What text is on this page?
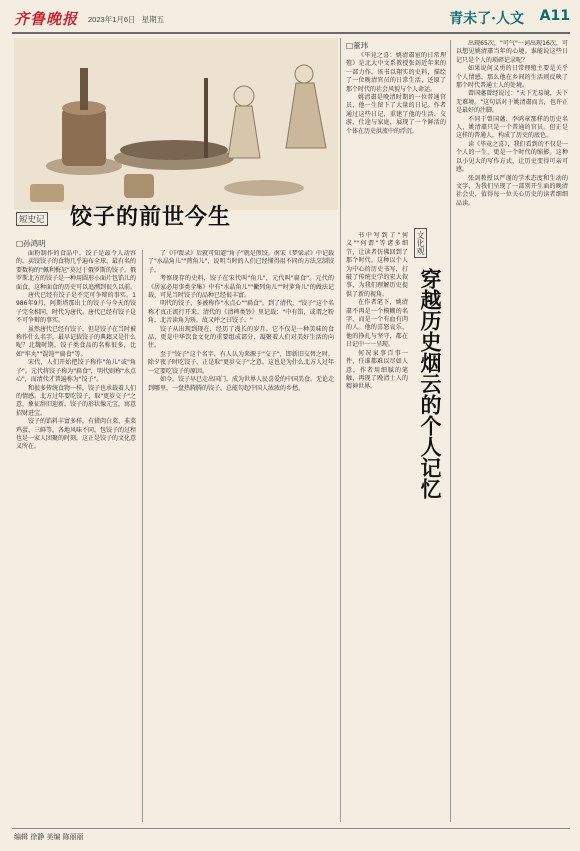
齐鲁晚报 2023年1月6日 星期五	青未了·人文 A11
短史记 饺子的前世今生
□孙鸿明

面粉制作的食品中，饺子是最令人动容的。卖饺饺子的食物几乎遍布全球，最有名的要数狗的"佩利梅尼"莫过于俄罗斯的饺子。俄罗斯北方的饺子是一种用圆形小面片包馅儿的面食，这种面食的历史可以追溯到很久以前。

唐代已经有饺子是不完可争辩的事实。1986年9月，阿斯塔那出土的饺子与今天的饺子完全相同，时代为唐代。唐代已经有饺子是不可争辩的事实。

虽然唐代已经有饺子，但是饺子在当时被称作什么名字，最早记载饺子的典籍又是什么呢？北魏时期，饺子类食品的名称很多，比如"牢丸""馄饨""扁食"等。

宋代，人们开始把饺子称作"角儿"或"角子"。元代将饺子称为"扁食"，明代则称"水点心"，而清代才普遍称为"饺子"。

和很多传统食物一样，饺子也承载着人们的情感。北方过年要吃饺子，取"更岁交子"之意，象征辞旧迎新。饺子的形状像元宝，寓意招财进宝。

饺子的馅料丰富多样，有猪肉白菜、韭菜鸡蛋、三鲜等，各地风味不同。包饺子的过程也是一家人团聚的时刻，这正是饺子的文化意义所在。

了《中馈录》后就可知道"角子"就是煎饺。南宋《梦粱录》中记载了"水晶角儿""煎角儿"，说明当时的人们已经懂得用不同的方法烹制饺子。

考察现存的史料，饺子在宋代叫"角儿"，元代叫"扁食"。元代的《居家必用事类全集》中有"水晶角儿""撇列角儿""时萝角儿"的做法记载，可见当时饺子的品种已经很丰富。

明代的饺子，多被称作"水点心""扁食"。到了清代，"饺子"这个名称才真正流行开来。清代的《清稗类钞》里记载："中有馅，或谓之粉角，北音读角为矫，故又呼之曰饺子。"

饺子从出现到现在，经历了漫长的岁月。它不仅是一种美味的食品，更是中华饮食文化的重要组成部分，凝聚着人们对美好生活的向往。

至于"饺子"这个名字，有人认为来源于"交子"，即新旧交替之时。除夕夜子时吃饺子，正是取"更岁交子"之意。这也是为什么北方人过年一定要吃饺子的原因。

如今，饺子早已走出国门，成为世界人民喜爱的中国美食。无论走到哪里，一盘热腾腾的饺子，总能勾起中国人浓浓的乡愁。

□董玮

《毕竟之喜：姚清肅宦的日常理殖》是北大中文系教授张剑近年来的一部力作。该书以翔实的史料，描绘了一位晚清官员的日常生活，还原了那个时代的社会风貌与个人命运。

姚清肅是晚清时期的一位普通官员，他一生留下了大量的日记。作者通过这些日记，重建了他的生活、交游、仕途与家庭，展现了一个鲜活的个体在历史洪流中的浮沉。

文化观
穿越历史烟云的个人记忆

书中写到了"何义""何谓"等诸多细节，让读者仿佛回到了那个时代。这种以个人为中心的历史书写，打破了传统史学的宏大叙事，为我们理解历史提供了新的视角。

在作者笔下，姚清肅不再是一个模糊的名字，而是一个有血有肉的人。他的喜怒哀乐、他的挣扎与坚守，都在日记中一一呈现。

何况家事百事一件，任谁都难以尽如人意，作者用细腻的笔触，再现了晚清士人的精神世界。

出现65次，"可气"一词出现16次，可以想见姚清肅当年的心境。谁能说这些日记只是个人的琐碎记录呢？

如果说何义勇的日常理殖主要是关乎个人情感，那么他在乡间的生活则反映了那个时代普通士人的处境。

曾国藩曾经说过："天下无易境，天下无难境。"这句话对于姚清肅而言，也许正是最好的注脚。

不同于曾国藩、李鸿章那样的历史名人，姚清肅只是一个普通的官员。但正是这样的普通人，构成了历史的底色。

读《毕竟之喜》，我们看到的不仅是一个人的一生，更是一个时代的缩影。这种以小见大的写作方式，让历史变得可亲可感。

张剑教授以严谨的学术态度和生动的文字，为我们呈现了一部别开生面的晚清社会史，值得每一位关心历史的读者细细品读。

编辑 徐静 美编 陈丽丽
